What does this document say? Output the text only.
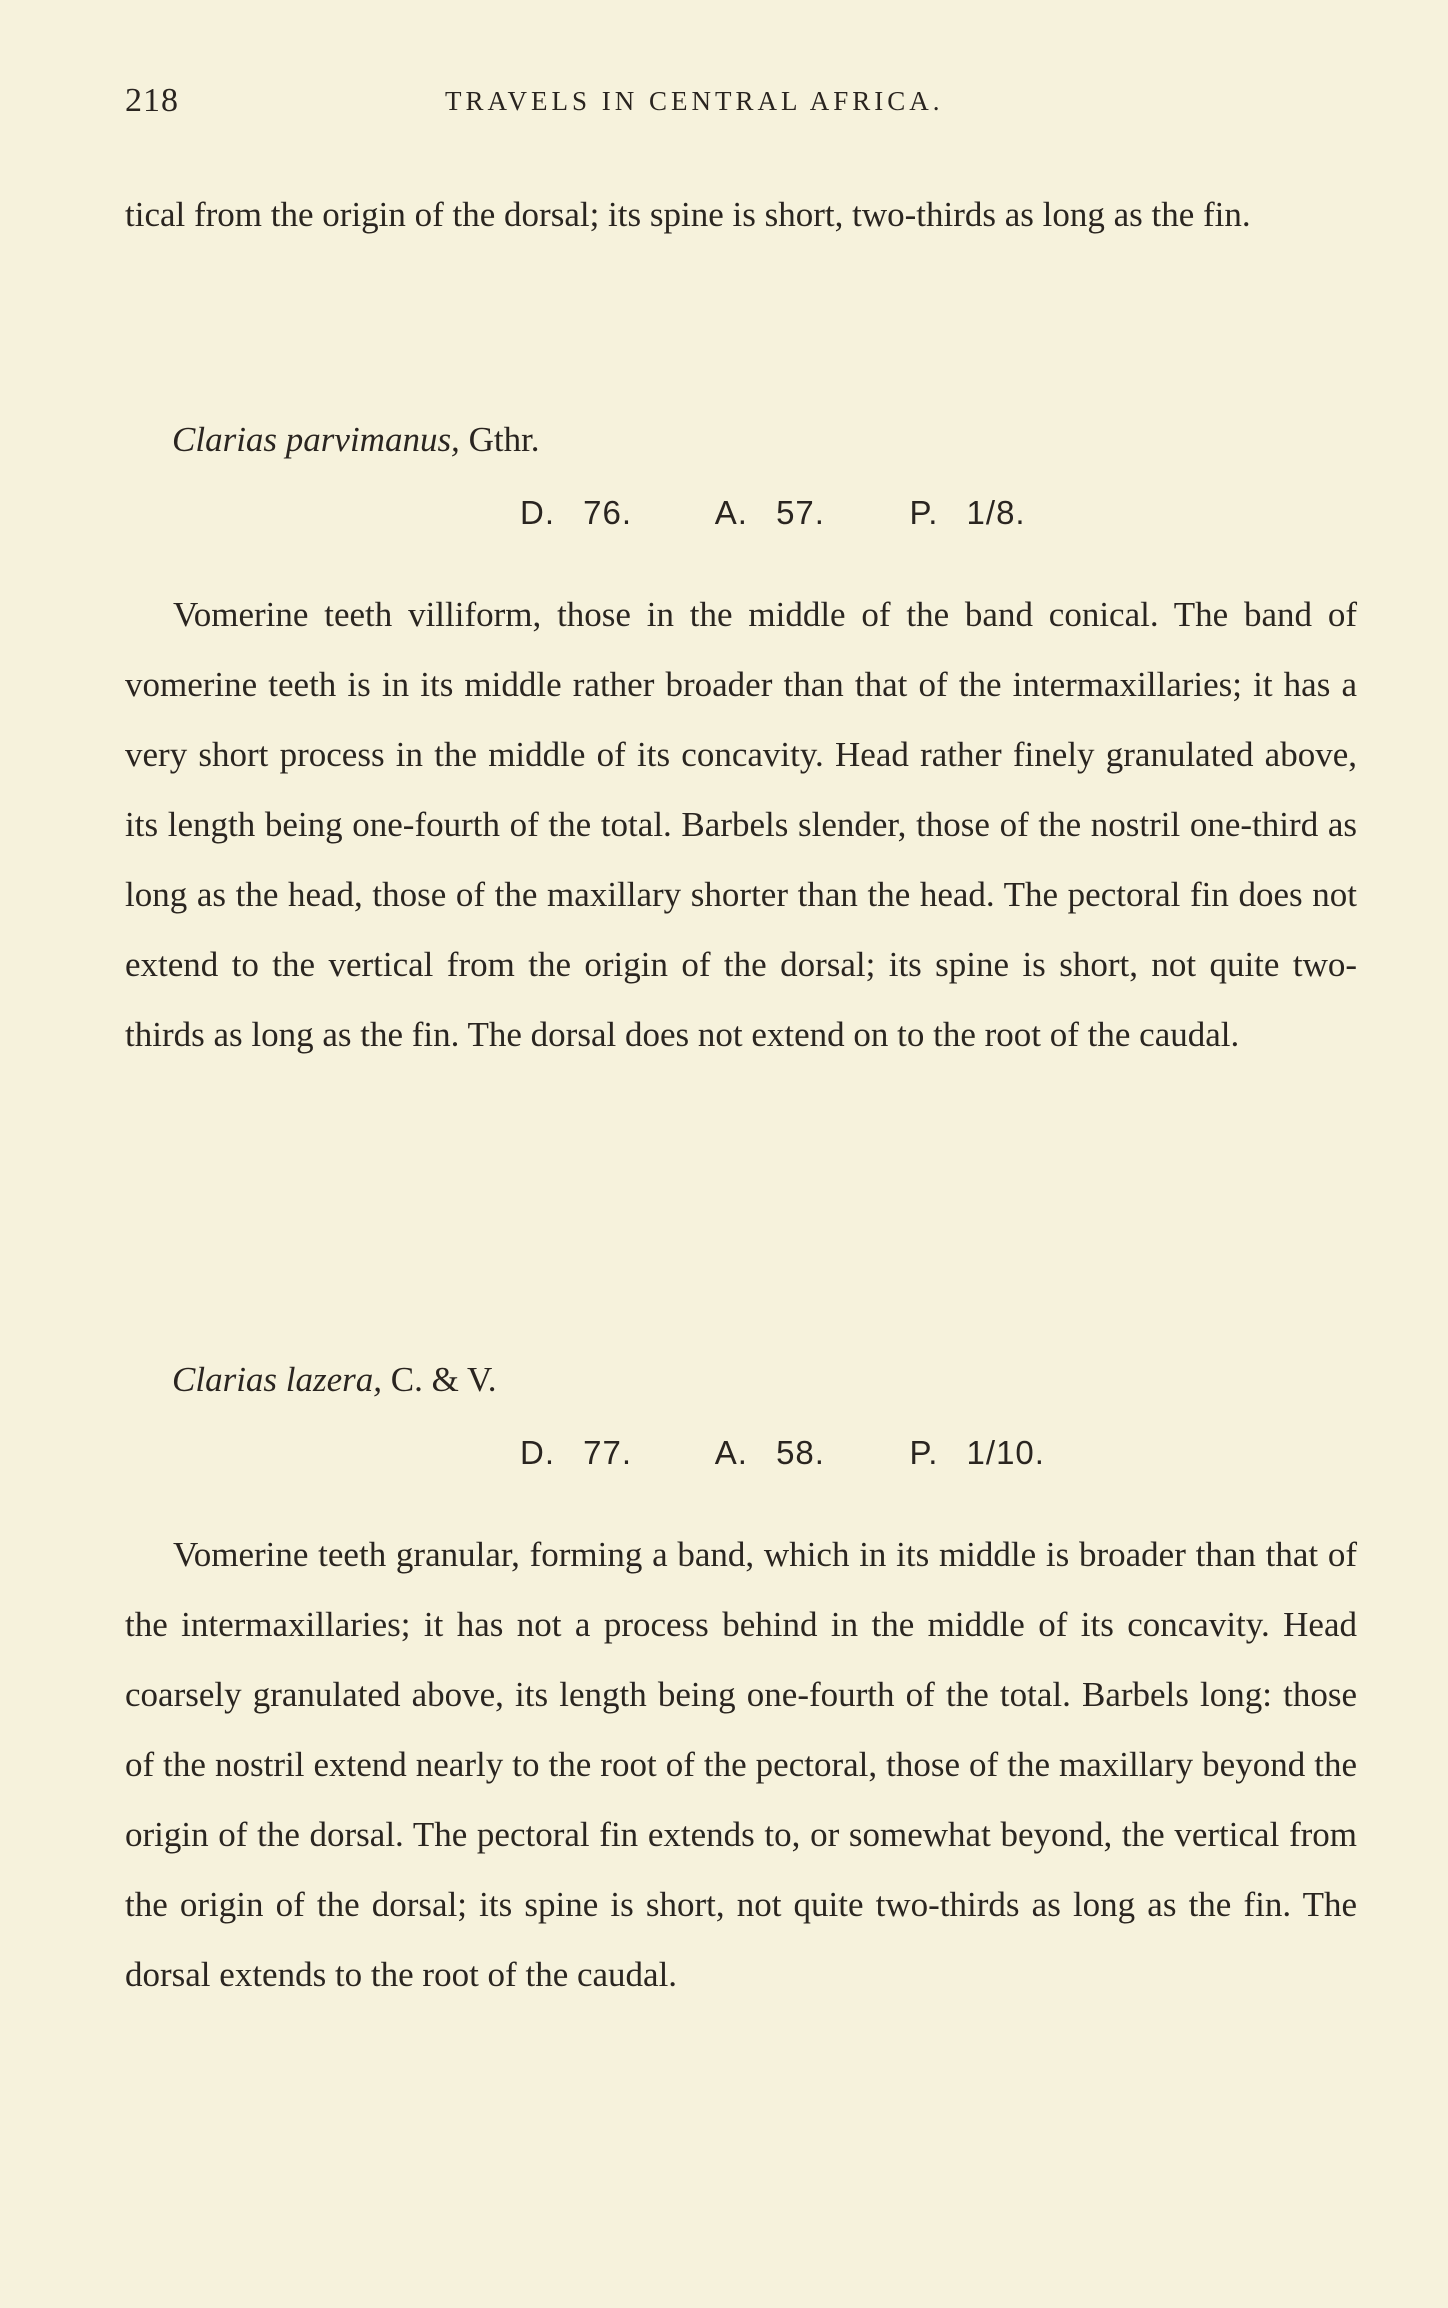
218	TRAVELS IN CENTRAL AFRICA.

tical from the origin of the dorsal; its spine is short, two-thirds as long as the fin.

Clarias parvimanus, Gthr.
D. 76.   A. 57.   P. 1/8.

Vomerine teeth villiform, those in the middle of the band conical. The band of vomerine teeth is in its middle rather broader than that of the intermaxillaries; it has a very short process in the middle of its concavity. Head rather finely granulated above, its length being one-fourth of the total. Barbels slender, those of the nostril one-third as long as the head, those of the maxillary shorter than the head. The pectoral fin does not extend to the vertical from the origin of the dorsal; its spine is short, not quite two-thirds as long as the fin. The dorsal does not extend on to the root of the caudal.

Clarias lazera, C. & V.
D. 77.   A. 58.   P. 1/10.

Vomerine teeth granular, forming a band, which in its middle is broader than that of the intermaxillaries; it has not a process behind in the middle of its concavity. Head coarsely granulated above, its length being one-fourth of the total. Barbels long: those of the nostril extend nearly to the root of the pectoral, those of the maxillary beyond the origin of the dorsal. The pectoral fin extends to, or somewhat beyond, the vertical from the origin of the dorsal; its spine is short, not quite two-thirds as long as the fin. The dorsal extends to the root of the caudal.
